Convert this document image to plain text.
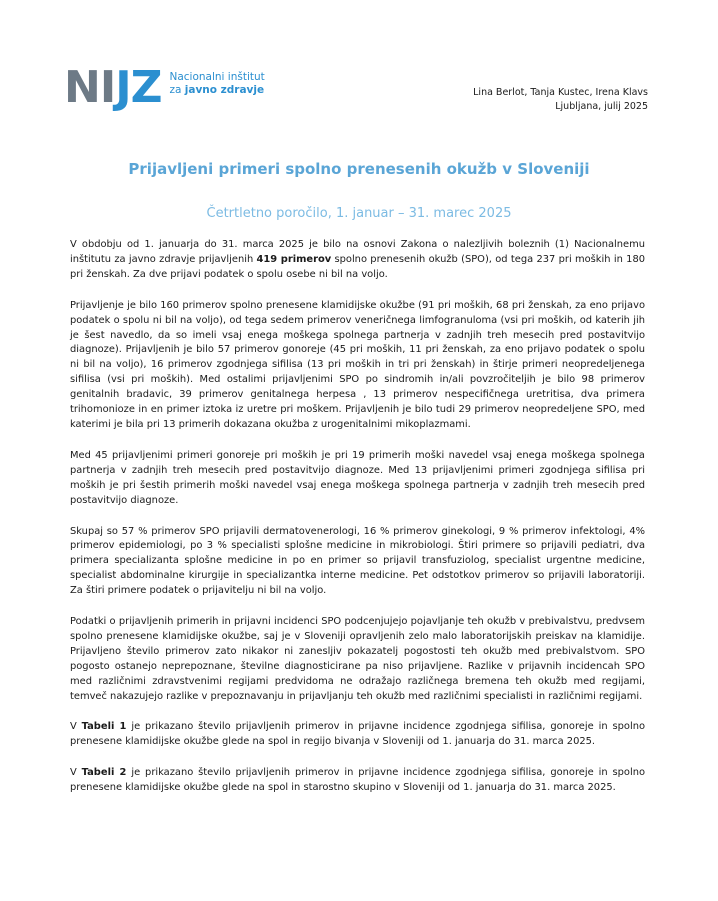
NI JZ Nacionalni inštitut
za javno zdravje	Lina Berlot, Tanja Kustec, Irena Klavs
Ljubljana, julij 2025
Prijavljeni primeri spolno prenesenih okužb v Sloveniji
Četrtletno poročilo, 1. januar – 31. marec 2025

V obdobju od 1. januarja do 31. marca 2025 je bilo na osnovi Zakona o nalezljivih boleznih (1) Nacionalnemu inštitutu za javno zdravje prijavljenih 419 primerov spolno prenesenih okužb (SPO), od tega 237 pri moških in 180 pri ženskah. Za dve prijavi podatek o spolu osebe ni bil na voljo.

Prijavljenje je bilo 160 primerov spolno prenesene klamidijske okužbe (91 pri moških, 68 pri ženskah, za eno prijavo podatek o spolu ni bil na voljo), od tega sedem primerov veneričnega limfogranuloma (vsi pri moških, od katerih jih je šest navedlo, da so imeli vsaj enega moškega spolnega partnerja v zadnjih treh mesecih pred postavitvijo diagnoze). Prijavljenih je bilo 57 primerov gonoreje (45 pri moških, 11 pri ženskah, za eno prijavo podatek o spolu ni bil na voljo), 16 primerov zgodnjega sifilisa (13 pri moških in tri pri ženskah) in štirje primeri neopredeljenega sifilisa (vsi pri moških). Med ostalimi prijavljenimi SPO po sindromih in/ali povzročiteljih je bilo 98 primerov genitalnih bradavic, 39 primerov genitalnega herpesa , 13 primerov nespecifičnega uretritisa, dva primera trihomonioze in en primer iztoka iz uretre pri moškem. Prijavljenih je bilo tudi 29 primerov neopredeljene SPO, med katerimi je bila pri 13 primerih dokazana okužba z urogenitalnimi mikoplazmami.

Med 45 prijavljenimi primeri gonoreje pri moških je pri 19 primerih moški navedel vsaj enega moškega spolnega partnerja v zadnjih treh mesecih pred postavitvijo diagnoze. Med 13 prijavljenimi primeri zgodnjega sifilisa pri moških je pri šestih primerih moški navedel vsaj enega moškega spolnega partnerja v zadnjih treh mesecih pred postavitvijo diagnoze.

Skupaj so 57 % primerov SPO prijavili dermatovenerologi, 16 % primerov ginekologi, 9 % primerov infektologi, 4% primerov epidemiologi, po 3 % specialisti splošne medicine in mikrobiologi. Štiri primere so prijavili pediatri, dva primera specializanta splošne medicine in po en primer so prijavil transfuziolog, specialist urgentne medicine, specialist abdominalne kirurgije in specializantka interne medicine. Pet odstotkov primerov so prijavili laboratoriji. Za štiri primere podatek o prijavitelju ni bil na voljo.

Podatki o prijavljenih primerih in prijavni incidenci SPO podcenjujejo pojavljanje teh okužb v prebivalstvu, predvsem spolno prenesene klamidijske okužbe, saj je v Sloveniji opravljenih zelo malo laboratorijskih preiskav na klamidije. Prijavljeno število primerov zato nikakor ni zanesljiv pokazatelj pogostosti teh okužb med prebivalstvom. SPO pogosto ostanejo neprepoznane, številne diagnosticirane pa niso prijavljene. Razlike v prijavnih incidencah SPO med različnimi zdravstvenimi regijami predvidoma ne odražajo različnega bremena teh okužb med regijami, temveč nakazujejo razlike v prepoznavanju in prijavljanju teh okužb med različnimi specialisti in različnimi regijami.

V Tabeli 1 je prikazano število prijavljenih primerov in prijavne incidence zgodnjega sifilisa, gonoreje in spolno prenesene klamidijske okužbe glede na spol in regijo bivanja v Sloveniji od 1. januarja do 31. marca 2025.

V Tabeli 2 je prikazano število prijavljenih primerov in prijavne incidence zgodnjega sifilisa, gonoreje in spolno prenesene klamidijske okužbe glede na spol in starostno skupino v Sloveniji od 1. januarja do 31. marca 2025.
